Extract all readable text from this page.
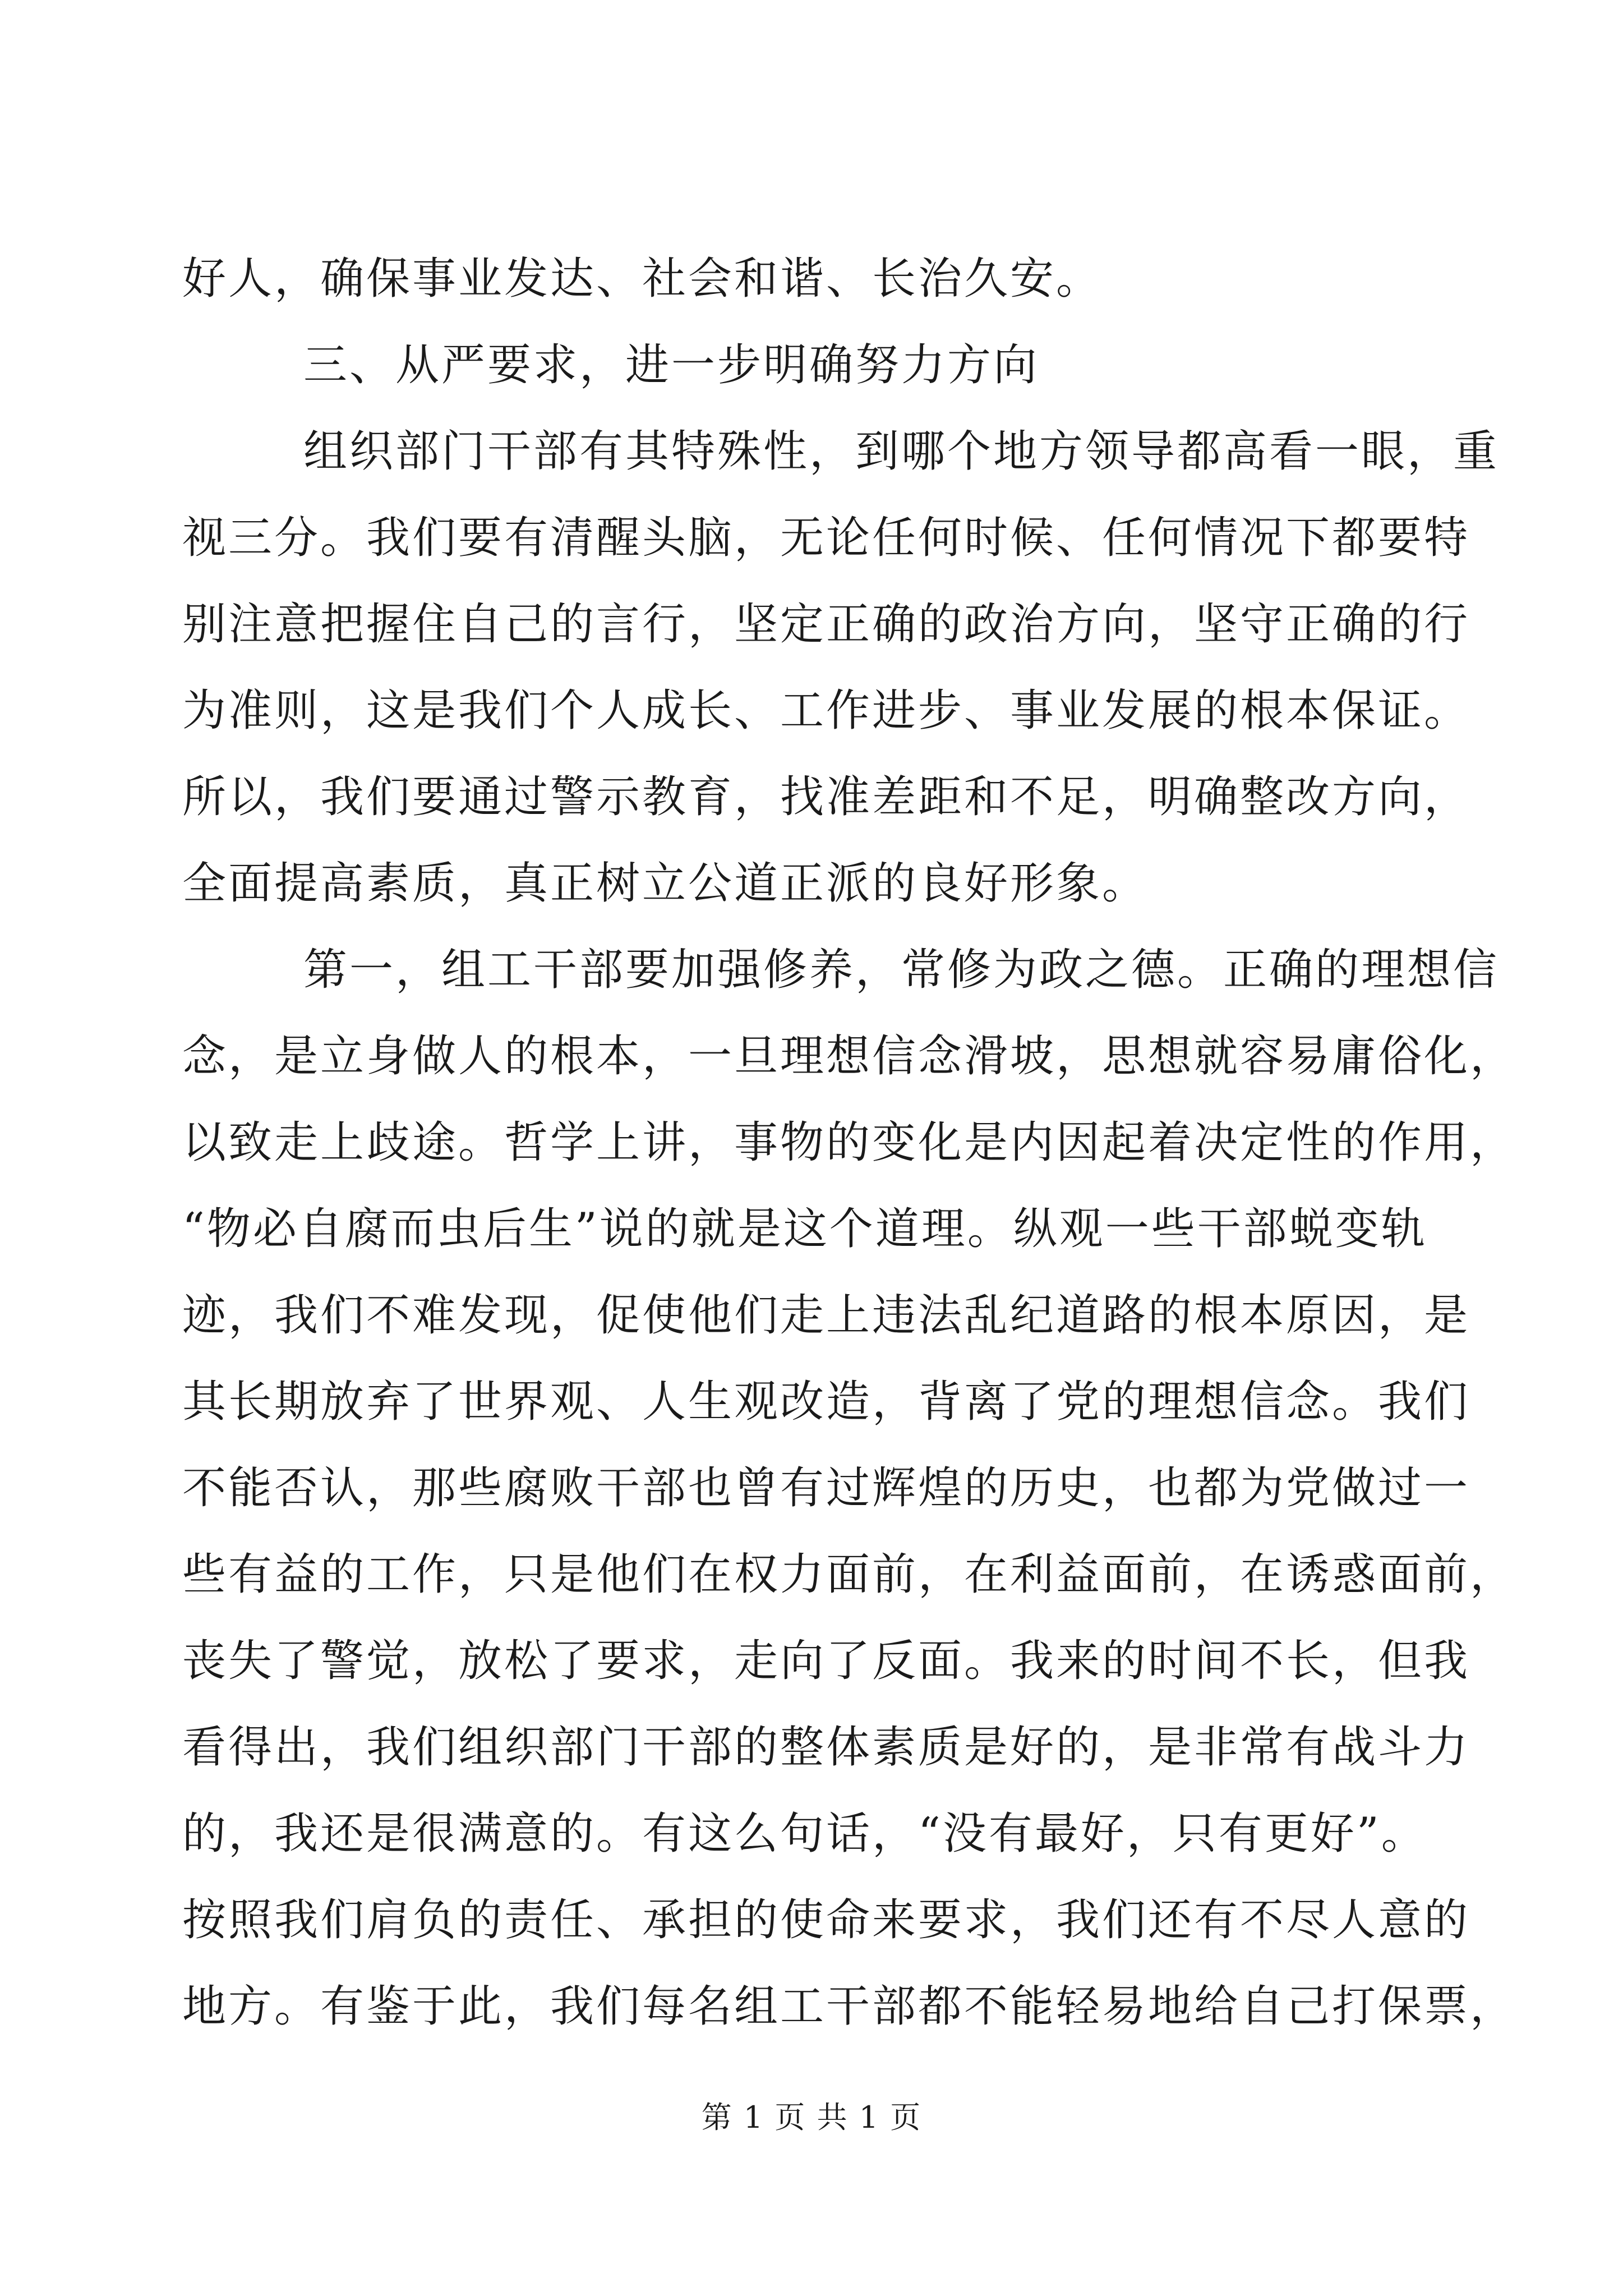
好人，确保事业发达、社会和谐、长治久安。
三、从严要求，进一步明确努力方向
组织部门干部有其特殊性，到哪个地方领导都高看一眼，重
视三分。我们要有清醒头脑，无论任何时候、任何情况下都要特
别注意把握住自己的言行，坚定正确的政治方向，坚守正确的行
为准则，这是我们个人成长、工作进步、事业发展的根本保证。
所以，我们要通过警示教育，找准差距和不足，明确整改方向，
全面提高素质，真正树立公道正派的良好形象。
第一，组工干部要加强修养，常修为政之德。正确的理想信
念，是立身做人的根本，一旦理想信念滑坡，思想就容易庸俗化，
以致走上歧途。哲学上讲，事物的变化是内因起着决定性的作用，
“物必自腐而虫后生”说的就是这个道理。纵观一些干部蜕变轨
迹，我们不难发现，促使他们走上违法乱纪道路的根本原因，是
其长期放弃了世界观、人生观改造，背离了党的理想信念。我们
不能否认，那些腐败干部也曾有过辉煌的历史，也都为党做过一
些有益的工作，只是他们在权力面前，在利益面前，在诱惑面前，
丧失了警觉，放松了要求，走向了反面。我来的时间不长，但我
看得出，我们组织部门干部的整体素质是好的，是非常有战斗力
的，我还是很满意的。有这么句话，“没有最好，只有更好”。
按照我们肩负的责任、承担的使命来要求，我们还有不尽人意的
地方。有鉴于此，我们每名组工干部都不能轻易地给自己打保票，
第 1 页 共 1 页
